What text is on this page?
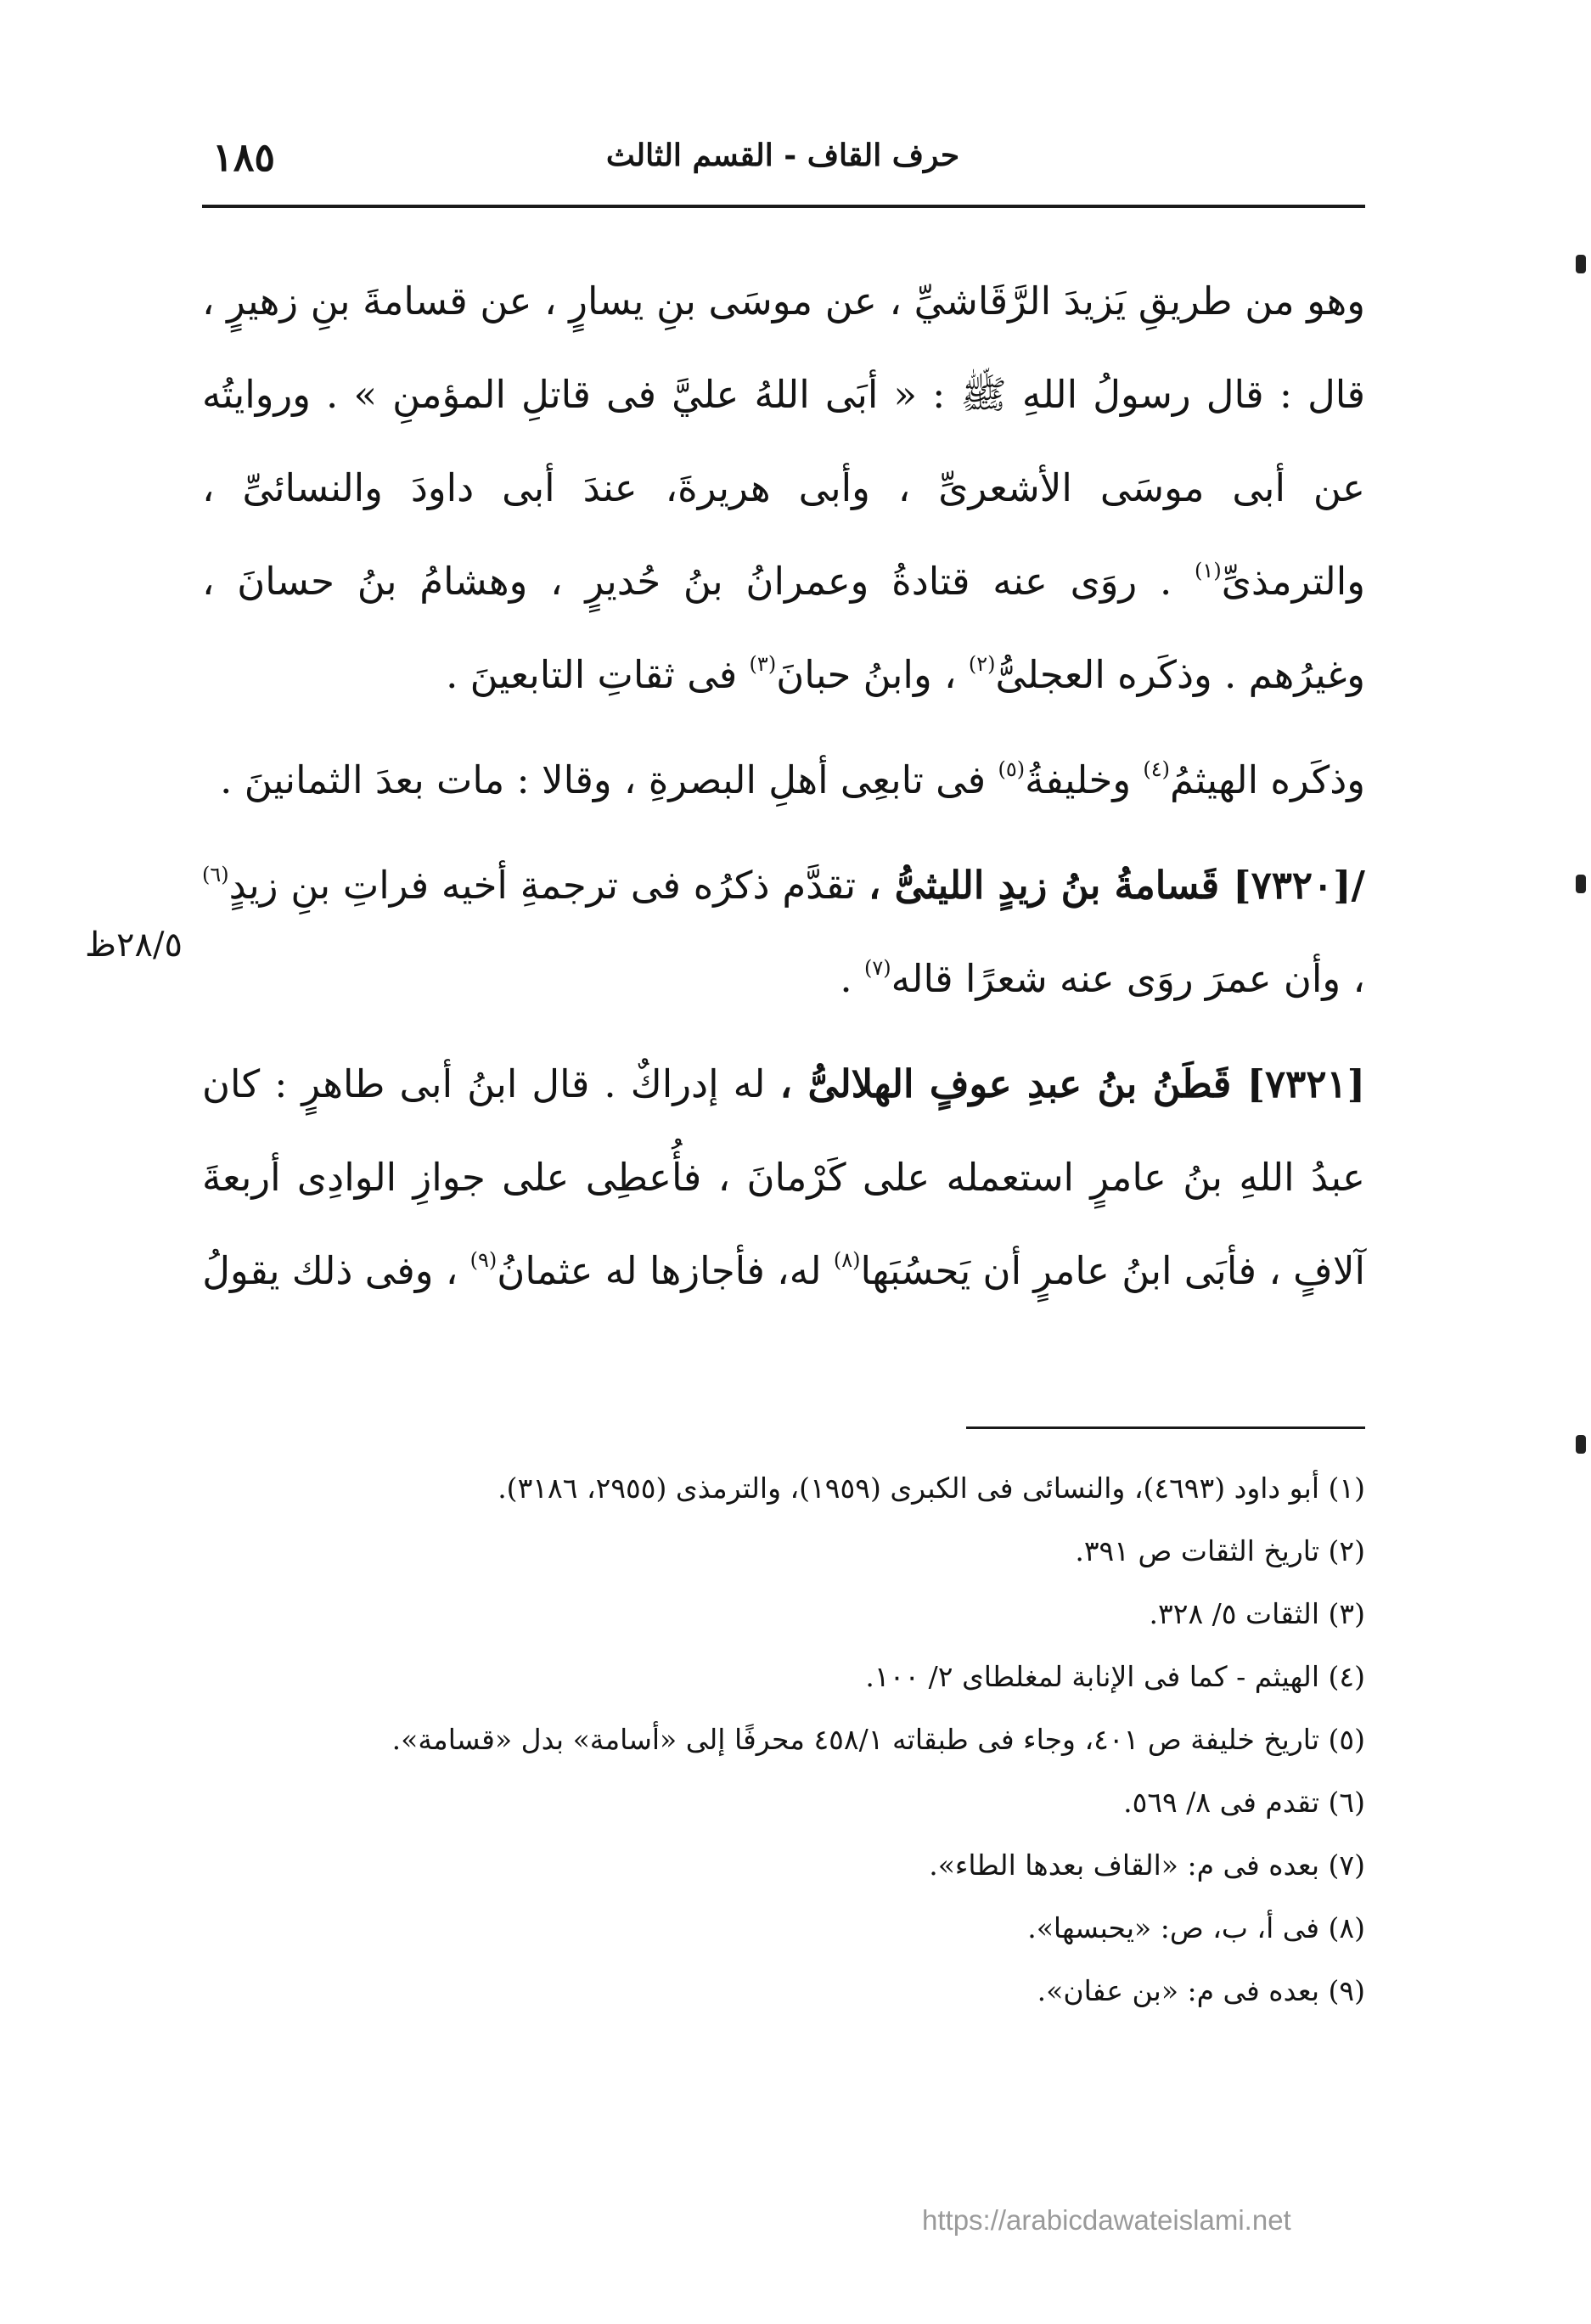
١٨٥	حرف القاف - القسم الثالث

وهو من طريقِ يَزيدَ الرَّقَاشيِّ ، عن موسَى بنِ يسارٍ ، عن قسامةَ بنِ زهيرٍ ، قال : قال رسولُ اللهِ ﷺ : « أبَى اللهُ عليَّ فى قاتلِ المؤمنِ » . وروايتُه عن أبى موسَى الأشعرىِّ ، وأبى هريرةَ، عندَ أبى داودَ والنسائىِّ ، والترمذىِّ$^{(١)}$ . روَى عنه قتادةُ وعمرانُ بنُ حُديرٍ ، وهشامُ بنُ حسانَ ، وغيرُهم . وذكَره العجلىُّ$^{(٢)}$ ، وابنُ حبانَ$^{(٣)}$ فى ثقاتِ التابعينَ .

وذكَره الهيثمُ$^{(٤)}$ وخليفةُ$^{(٥)}$ فى تابعِى أهلِ البصرةِ ، وقالا : مات بعدَ الثمانينَ .

/[٧٣٢٠] قَسامةُ بنُ زيدٍ الليثىُّ ، تقدَّم ذكرُه فى ترجمةِ أخيه فراتِ بنِ زيدٍ$^{(٦)}$ ، وأن عمرَ روَى عنه شعرًا قاله$^{(٧)}$ .

[٧٣٢١] قَطَنُ بنُ عبدِ عوفٍ الهلالىُّ ، له إدراكٌ . قال ابنُ أبى طاهرٍ : كان عبدُ اللهِ بنُ عامرٍ استعمله على كَرْمانَ ، فأُعطِى على جوازِ الوادِى أربعةَ آلافٍ ، فأبَى ابنُ عامرٍ أن يَحسُبَها$^{(٨)}$ له، فأجازها له عثمانُ$^{(٩)}$ ، وفى ذلك يقولُ

٢٨/٥ظ
(١) أبو داود (٤٦٩٣)، والنسائى فى الكبرى (١٩٥٩)، والترمذى (٢٩٥٥، ٣١٨٦).
(٢) تاريخ الثقات ص ٣٩١.
(٣) الثقات ٥/ ٣٢٨.
(٤) الهيثم - كما فى الإنابة لمغلطاى ٢/ ١٠٠.
(٥) تاريخ خليفة ص ٤٠١، وجاء فى طبقاته ٤٥٨/١ محرفًا إلى «أسامة» بدل «قسامة».
(٦) تقدم فى ٨/ ٥٦٩.
(٧) بعده فى م: «القاف بعدها الطاء».
(٨) فى أ، ب، ص: «يحبسها».
(٩) بعده فى م: «بن عفان».
https://arabicdawateislami.net
